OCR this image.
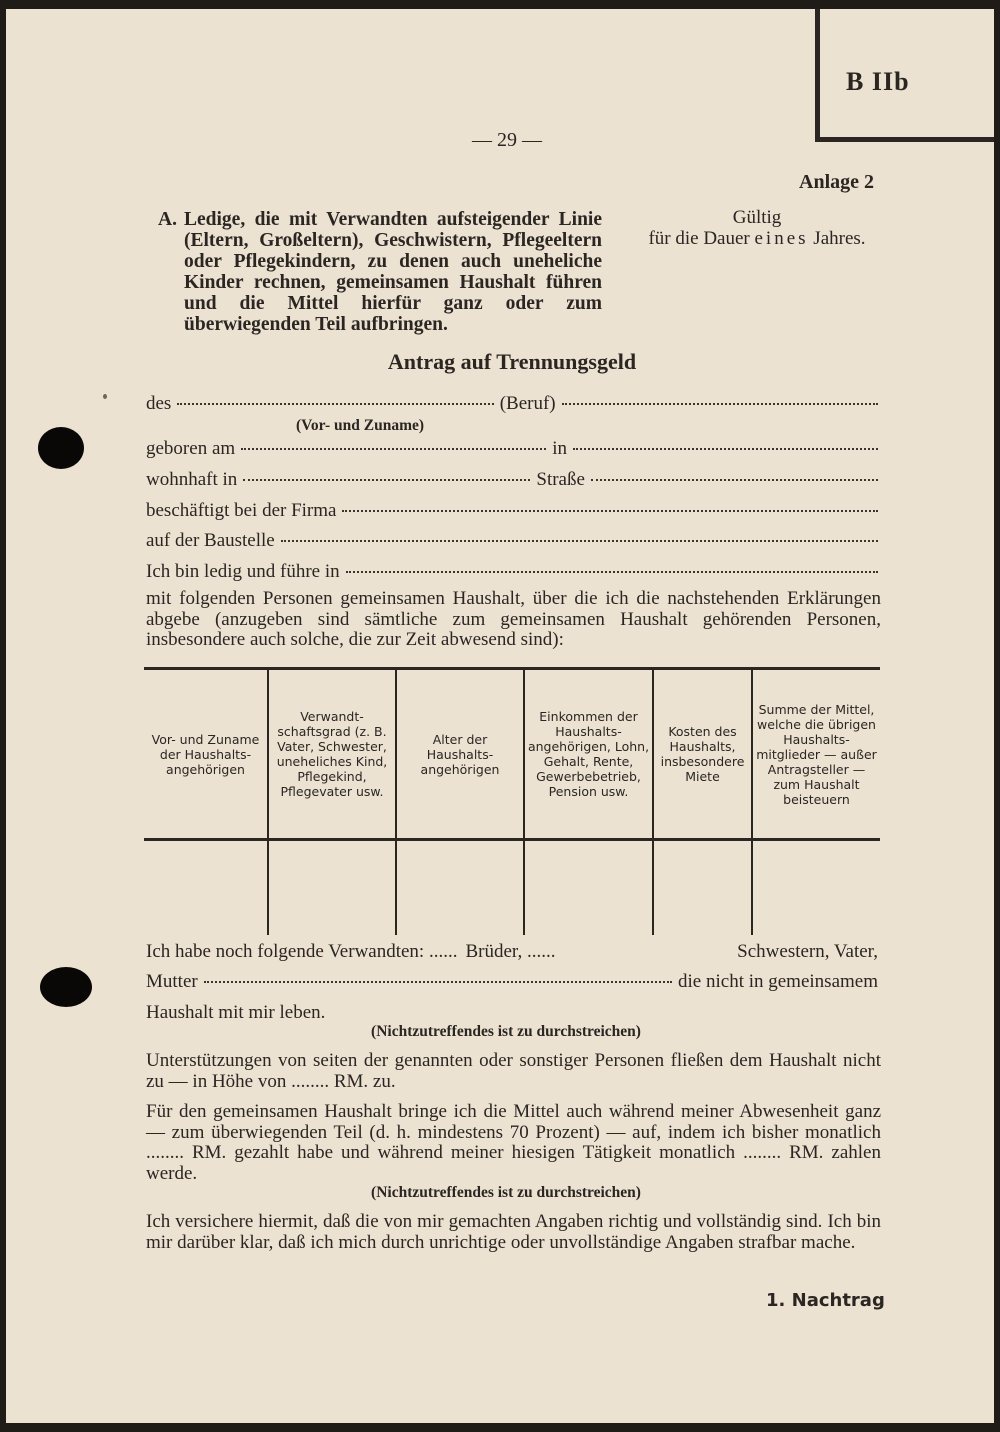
B IIb
— 29 —
Anlage 2
A. Ledige, die mit Verwandten aufsteigender Linie (Eltern, Großeltern), Geschwistern, Pflegeeltern oder Pflegekindern, zu denen auch uneheliche Kinder rechnen, gemeinsamen Haushalt führen und die Mittel hierfür ganz oder zum überwiegenden Teil aufbringen.
Gültig
für die Dauer eines Jahres.
Antrag auf Trennungsgeld
des	(Beruf)
(Vor- und Zuname)
geboren am	in
wohnhaft in	Straße
beschäftigt bei der Firma
auf der Baustelle
Ich bin ledig und führe in
mit folgenden Personen gemeinsamen Haushalt, über die ich die nachstehenden Erklärungen abgebe (anzugeben sind sämtliche zum gemeinsamen Haushalt gehörenden Personen, insbesondere auch solche, die zur Zeit abwesend sind):
Vor- und Zuname der Haushaltsangehörigen	Verwandtschaftsgrad (z. B. Vater, Schwester, uneheliches Kind, Pflegekind, Pflegevater usw.	Alter der Haushaltsangehörigen	Einkommen der Haushaltsangehörigen, Lohn, Gehalt, Rente, Gewerbebetrieb, Pension usw.	Kosten des Haushalts, insbesondere Miete	Summe der Mittel, welche die übrigen Haushaltsmitglieder — außer Antragsteller — zum Haushalt beisteuern

Ich habe noch folgende Verwandten: ...... Brüder, ......	Schwestern, Vater,
Mutter	die nicht in gemeinsamem
Haushalt mit mir leben.
(Nichtzutreffendes ist zu durchstreichen)
Unterstützungen von seiten der genannten oder sonstiger Personen fließen dem Haushalt nicht zu — in Höhe von ........ RM. zu.
Für den gemeinsamen Haushalt bringe ich die Mittel auch während meiner Abwesenheit ganz — zum überwiegenden Teil (d. h. mindestens 70 Prozent) — auf, indem ich bisher monatlich ........ RM. gezahlt habe und während meiner hiesigen Tätigkeit monatlich ........ RM. zahlen werde.
(Nichtzutreffendes ist zu durchstreichen)
Ich versichere hiermit, daß die von mir gemachten Angaben richtig und vollständig sind. Ich bin mir darüber klar, daß ich mich durch unrichtige oder unvollständige Angaben strafbar mache.
1. Nachtrag
